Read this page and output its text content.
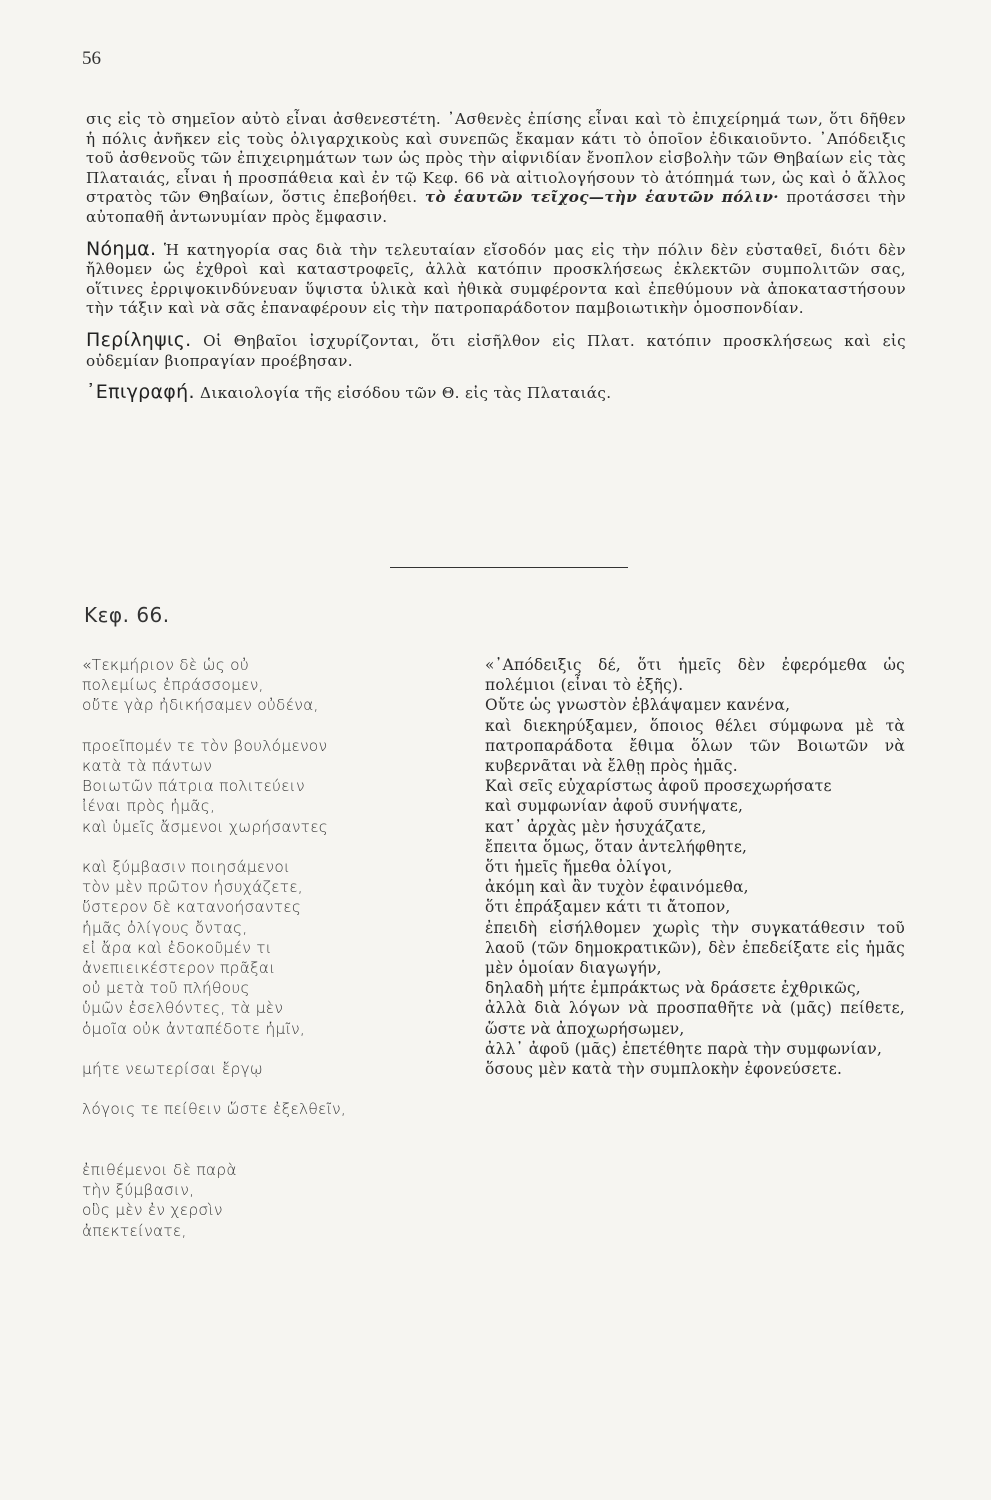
56

σις εἰς τὸ σημεῖον αὐτὸ εἶναι ἀσθενεστέτη. ᾿Ασθενὲς ἐπίσης εἶναι καὶ τὸ ἐπιχείρημά των, ὅτι δῆθεν ἡ πόλις ἀνῆκεν εἰς τοὺς ὀλιγαρχικοὺς καὶ συνεπῶς ἔκαμαν κάτι τὸ ὁποῖον ἐδικαιοῦντο. ᾿Απόδειξις τοῦ ἀσθενοῦς τῶν ἐπιχειρημάτων των ὡς πρὸς τὴν αἰφνιδίαν ἔνοπλον εἰσβολὴν τῶν Θηβαίων εἰς τὰς Πλαταιάς, εἶναι ἡ προσπάθεια καὶ ἐν τῷ Κεφ. 66 νὰ αἰτιολογήσουν τὸ ἀτόπημά των, ὡς καὶ ὁ ἄλλος στρατὸς τῶν Θηβαίων, ὅστις ἐπεβοήθει. τὸ ἑαυτῶν τεῖχος—τὴν ἑαυτῶν πόλιν· προτάσσει τὴν αὐτοπαθῆ ἀντωνυμίαν πρὸς ἔμφασιν.

Νόημα. Ἡ κατηγορία σας διὰ τὴν τελευταίαν εἴσοδόν μας εἰς τὴν πόλιν δὲν εὐσταθεῖ, διότι δὲν ἤλθομεν ὡς ἐχθροὶ καὶ καταστροφεῖς, ἀλλὰ κατόπιν προσκλήσεως ἐκλεκτῶν συμπολιτῶν σας, οἵτινες ἐρριψοκινδύνευαν ὕψιστα ὑλικὰ καὶ ἠθικὰ συμφέροντα καὶ ἐπεθύμουν νὰ ἀποκαταστήσουν τὴν τάξιν καὶ νὰ σᾶς ἐπαναφέρουν εἰς τὴν πατροπαράδοτον παμβοιωτικὴν ὁμοσπονδίαν.

Περίληψις. Οἱ Θηβαῖοι ἰσχυρίζονται, ὅτι εἰσῆλθον εἰς Πλατ. κατόπιν προσκλήσεως καὶ εἰς οὐδεμίαν βιοπραγίαν προέβησαν.

᾿Επιγραφή. Δικαιολογία τῆς εἰσόδου τῶν Θ. εἰς τὰς Πλαταιάς.

Κεφ. 66.
«Τεκμήριον δὲ ὡς οὐ
πολεμίως ἐπράσσομεν,
οὔτε γὰρ ἠδικήσαμεν οὐδένα,
προεῖπομέν τε τὸν βουλόμενον
κατὰ τὰ πάντων
Βοιωτῶν πάτρια πολιτεύειν
ἰέναι πρὸς ἡμᾶς,
καὶ ὑμεῖς ἄσμενοι χωρήσαντες
καὶ ξύμβασιν ποιησάμενοι
τὸν μὲν πρῶτον ἡσυχάζετε,
ὕστερον δὲ κατανοήσαντες
ἡμᾶς ὀλίγους ὄντας,
εἰ ἄρα καὶ ἐδοκοῦμέν τι
ἀνεπιεικέστερον πρᾶξαι
οὐ μετὰ τοῦ πλήθους
ὑμῶν ἐσελθόντες, τὰ μὲν
ὁμοῖα οὐκ ἀνταπέδοτε ἡμῖν,
μήτε νεωτερίσαι ἔργῳ
λόγοις τε πείθειν ὥστε ἐξελθεῖν,
ἐπιθέμενοι δὲ παρὰ
τὴν ξύμβασιν,
οὓς μὲν ἐν χερσὶν
ἀπεκτείνατε,
«᾿Απόδειξις δέ, ὅτι ἡμεῖς δὲν ἐφερόμεθα ὡς πολέμιοι (εἶναι τὸ ἐξῆς).
Οὔτε ὡς γνωστὸν ἐβλάψαμεν κανένα,
καὶ διεκηρύξαμεν, ὅποιος θέλει σύμφωνα μὲ τὰ πατροπαράδοτα ἔθιμα ὅλων τῶν Βοιωτῶν νὰ κυβερνᾶται νὰ ἔλθῃ πρὸς ἡμᾶς.
Καὶ σεῖς εὐχαρίστως ἀφοῦ προσεχωρήσατε
καὶ συμφωνίαν ἀφοῦ συνήψατε,
κατ᾿ ἀρχὰς μὲν ἡσυχάζατε,
ἔπειτα ὅμως, ὅταν ἀντελήφθητε,
ὅτι ἡμεῖς ἤμεθα ὀλίγοι,
ἀκόμη καὶ ἂν τυχὸν ἐφαινόμεθα,
ὅτι ἐπράξαμεν κάτι τι ἄτοπον,
ἐπειδὴ εἰσήλθομεν χωρὶς τὴν συγκατάθεσιν τοῦ λαοῦ (τῶν δημοκρατικῶν), δὲν ἐπεδείξατε εἰς ἡμᾶς μὲν ὁμοίαν διαγωγήν,
δηλαδὴ μήτε ἐμπράκτως νὰ δράσετε ἐχθρικῶς,
ἀλλὰ διὰ λόγων νὰ προσπαθῆτε νὰ (μᾶς) πείθετε, ὥστε νὰ ἀποχωρήσωμεν,
ἀλλ᾿ ἀφοῦ (μᾶς) ἐπετέθητε παρὰ τὴν συμφωνίαν,
ὅσους μὲν κατὰ τὴν συμπλοκὴν ἐφονεύσετε.
